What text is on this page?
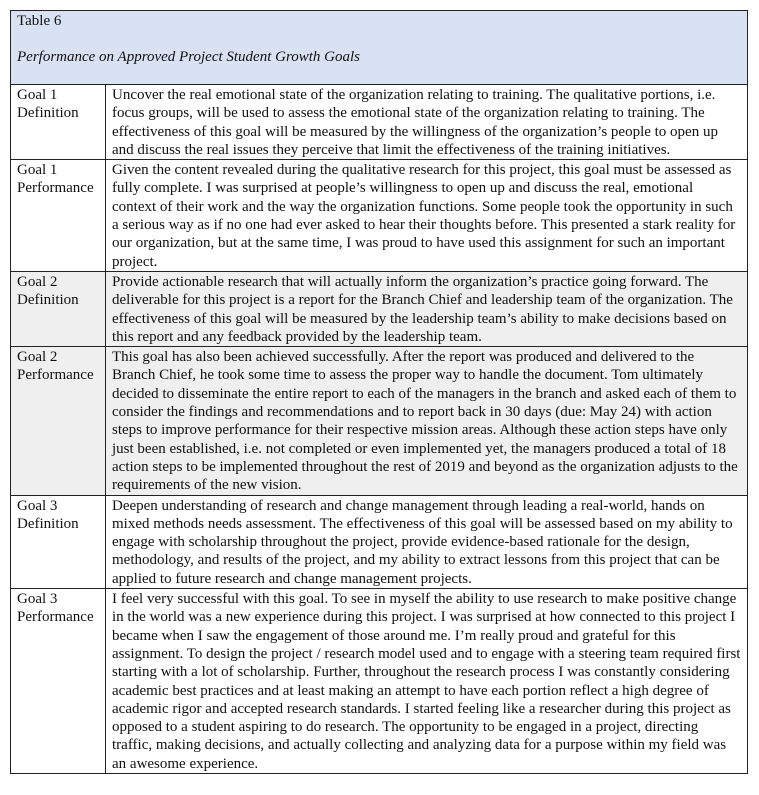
Table 6
Performance on Approved Project Student Growth Goals	

Goal 1
Definition	Uncover the real emotional state of the organization relating to training. The qualitative portions, i.e. focus groups, will be used to assess the emotional state of the organization relating to training. The effectiveness of this goal will be measured by the willingness of the organization’s people to open up and discuss the real issues they perceive that limit the effectiveness of the training initiatives.
Goal 1
Performance	Given the content revealed during the qualitative research for this project, this goal must be assessed as fully complete. I was surprised at people’s willingness to open up and discuss the real, emotional context of their work and the way the organization functions. Some people took the opportunity in such a serious way as if no one had ever asked to hear their thoughts before. This presented a stark reality for our organization, but at the same time, I was proud to have used this assignment for such an important project.
Goal 2
Definition	Provide actionable research that will actually inform the organization’s practice going forward. The deliverable for this project is a report for the Branch Chief and leadership team of the organization. The effectiveness of this goal will be measured by the leadership team’s ability to make decisions based on this report and any feedback provided by the leadership team.
Goal 2
Performance	This goal has also been achieved successfully. After the report was produced and delivered to the Branch Chief, he took some time to assess the proper way to handle the document. Tom ultimately decided to disseminate the entire report to each of the managers in the branch and asked each of them to consider the findings and recommendations and to report back in 30 days (due: May 24) with action steps to improve performance for their respective mission areas. Although these action steps have only just been established, i.e. not completed or even implemented yet, the managers produced a total of 18 action steps to be implemented throughout the rest of 2019 and beyond as the organization adjusts to the requirements of the new vision.
Goal 3
Definition	Deepen understanding of research and change management through leading a real-world, hands on mixed methods needs assessment. The effectiveness of this goal will be assessed based on my ability to engage with scholarship throughout the project, provide evidence-based rationale for the design, methodology, and results of the project, and my ability to extract lessons from this project that can be applied to future research and change management projects.
Goal 3
Performance	I feel very successful with this goal. To see in myself the ability to use research to make positive change in the world was a new experience during this project. I was surprised at how connected to this project I became when I saw the engagement of those around me. I’m really proud and grateful for this assignment. To design the project / research model used and to engage with a steering team required first starting with a lot of scholarship. Further, throughout the research process I was constantly considering academic best practices and at least making an attempt to have each portion reflect a high degree of academic rigor and accepted research standards. I started feeling like a researcher during this project as opposed to a student aspiring to do research. The opportunity to be engaged in a project, directing traffic, making decisions, and actually collecting and analyzing data for a purpose within my field was an awesome experience.
